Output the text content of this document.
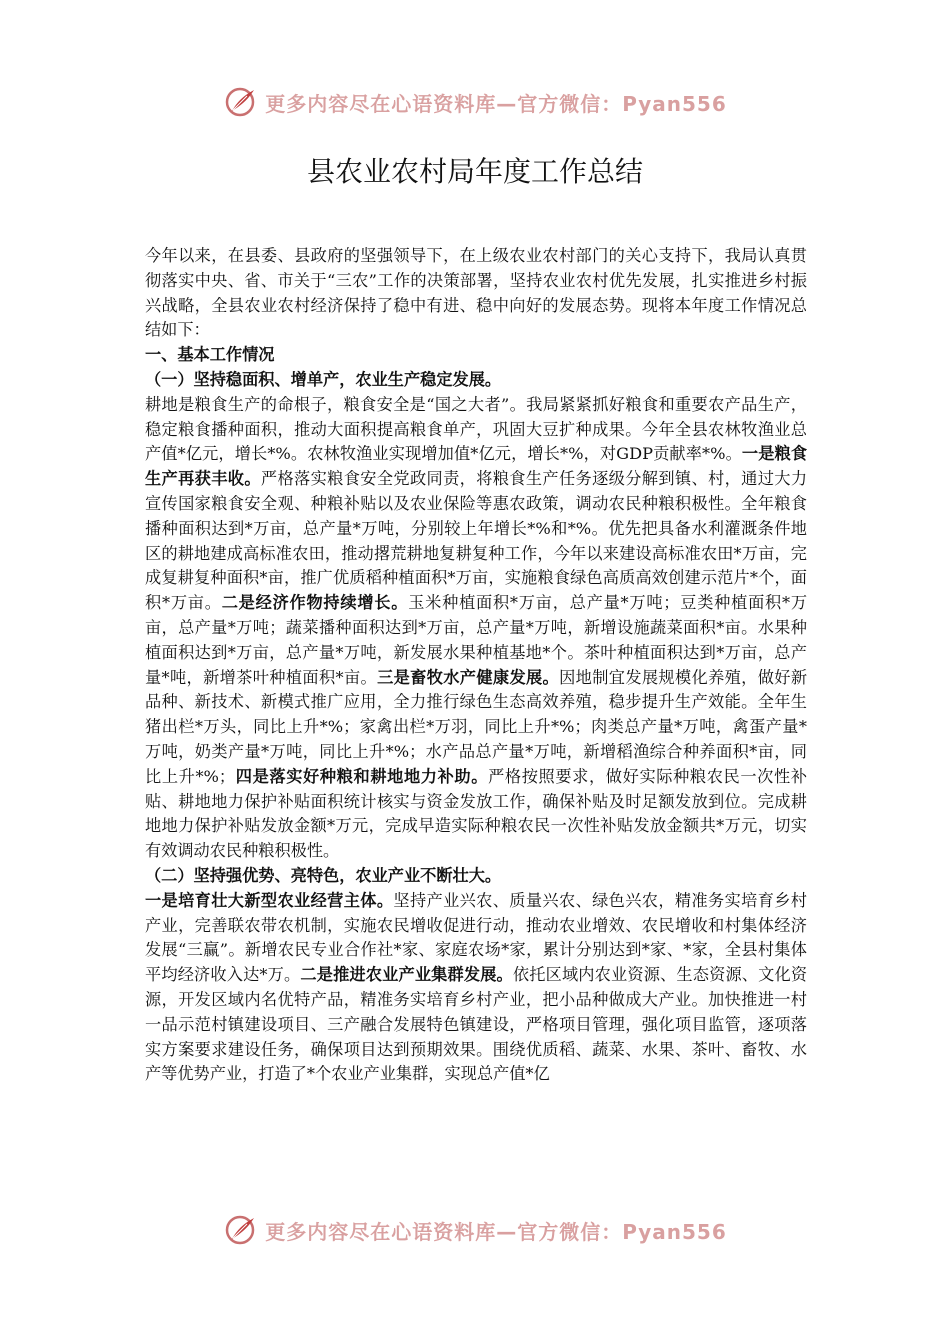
更多内容尽在心语资料库—官方微信：Pyan556
县农业农村局年度工作总结

今年以来，在县委、县政府的坚强领导下，在上级农业农村部门的关心支持下，我局认真贯彻落实中央、省、市关于“三农”工作的决策部署，坚持农业农村优先发展，扎实推进乡村振兴战略，全县农业农村经济保持了稳中有进、稳中向好的发展态势。现将本年度工作情况总结如下：

一、基本工作情况

（一）坚持稳面积、增单产，农业生产稳定发展。

耕地是粮食生产的命根子，粮食安全是“国之大者”。我局紧紧抓好粮食和重要农产品生产，稳定粮食播种面积，推动大面积提高粮食单产，巩固大豆扩种成果。今年全县农林牧渔业总产值*亿元，增长*%。农林牧渔业实现增加值*亿元，增长*%，对GDP贡献率*%。一是粮食生产再获丰收。严格落实粮食安全党政同责，将粮食生产任务逐级分解到镇、村，通过大力宣传国家粮食安全观、种粮补贴以及农业保险等惠农政策，调动农民种粮积极性。全年粮食播种面积达到*万亩，总产量*万吨，分别较上年增长*%和*%。优先把具备水利灌溉条件地区的耕地建成高标准农田，推动撂荒耕地复耕复种工作，今年以来建设高标准农田*万亩，完成复耕复种面积*亩，推广优质稻种植面积*万亩，实施粮食绿色高质高效创建示范片*个，面积*万亩。二是经济作物持续增长。玉米种植面积*万亩，总产量*万吨；豆类种植面积*万亩，总产量*万吨；蔬菜播种面积达到*万亩，总产量*万吨，新增设施蔬菜面积*亩。水果种植面积达到*万亩，总产量*万吨，新发展水果种植基地*个。茶叶种植面积达到*万亩，总产量*吨，新增茶叶种植面积*亩。三是畜牧水产健康发展。因地制宜发展规模化养殖，做好新品种、新技术、新模式推广应用，全力推行绿色生态高效养殖，稳步提升生产效能。全年生猪出栏*万头，同比上升*%；家禽出栏*万羽，同比上升*%；肉类总产量*万吨，禽蛋产量*万吨，奶类产量*万吨，同比上升*%；水产品总产量*万吨，新增稻渔综合种养面积*亩，同比上升*%；四是落实好种粮和耕地地力补助。严格按照要求，做好实际种粮农民一次性补贴、耕地地力保护补贴面积统计核实与资金发放工作，确保补贴及时足额发放到位。完成耕地地力保护补贴发放金额*万元，完成早造实际种粮农民一次性补贴发放金额共*万元，切实有效调动农民种粮积极性。

（二）坚持强优势、亮特色，农业产业不断壮大。

一是培育壮大新型农业经营主体。坚持产业兴农、质量兴农、绿色兴农，精准务实培育乡村产业，完善联农带农机制，实施农民增收促进行动，推动农业增效、农民增收和村集体经济发展“三赢”。新增农民专业合作社*家、家庭农场*家，累计分别达到*家、*家，全县村集体平均经济收入达*万。二是推进农业产业集群发展。依托区域内农业资源、生态资源、文化资源，开发区域内名优特产品，精准务实培育乡村产业，把小品种做成大产业。加快推进一村一品示范村镇建设项目、三产融合发展特色镇建设，严格项目管理，强化项目监管，逐项落实方案要求建设任务，确保项目达到预期效果。围绕优质稻、蔬菜、水果、茶叶、畜牧、水产等优势产业，打造了*个农业产业集群，实现总产值*亿

更多内容尽在心语资料库—官方微信：Pyan556
